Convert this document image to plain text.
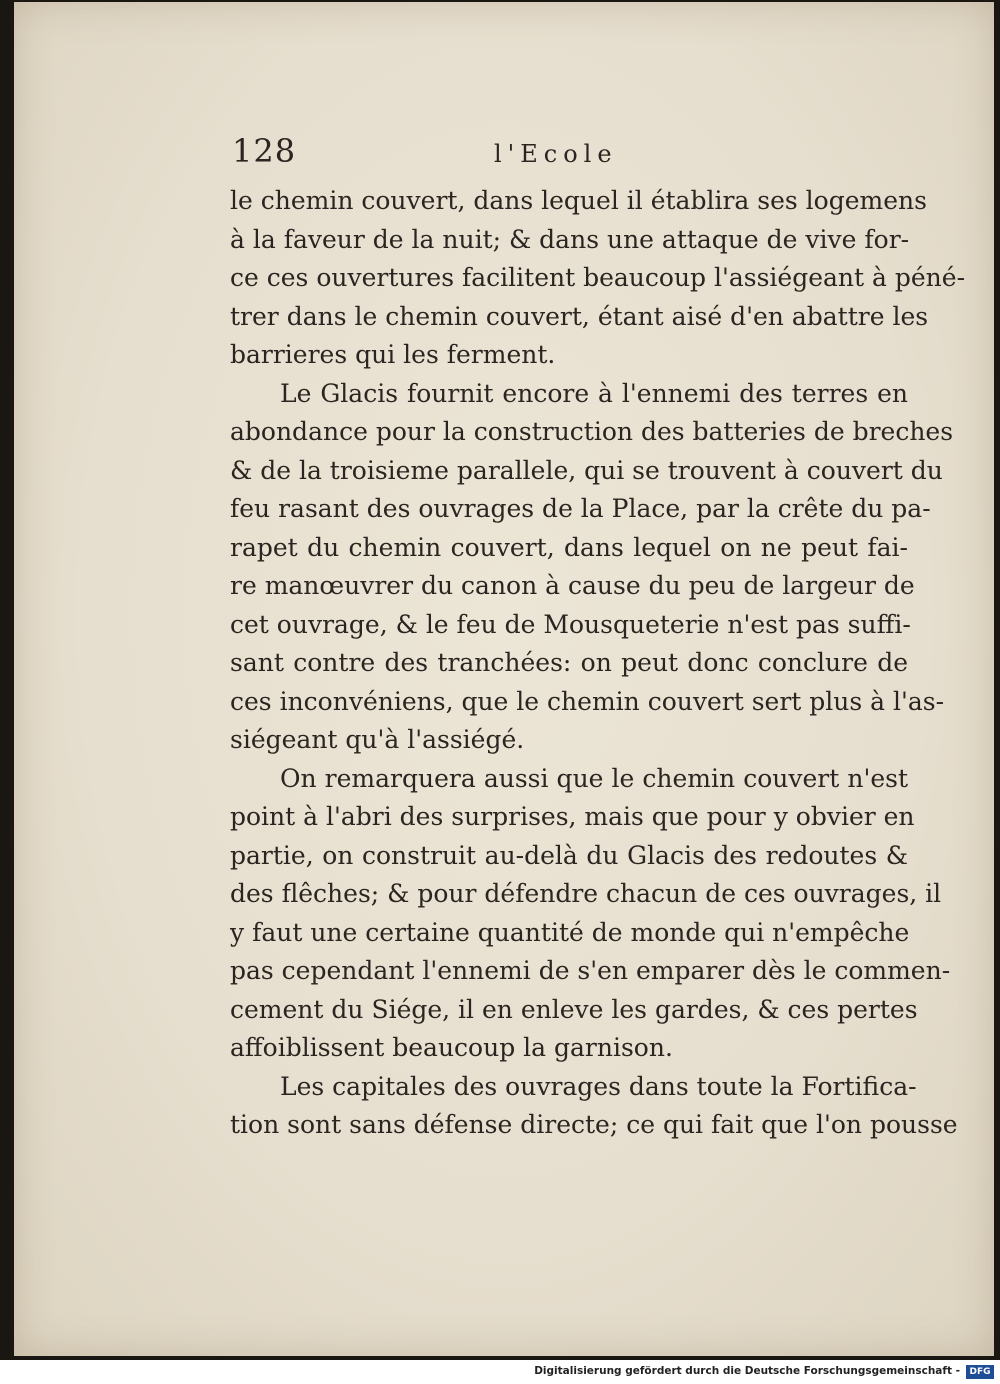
128	l'Ecole
le chemin couvert, dans lequel il établira ses logemens
à la faveur de la nuit; & dans une attaque de vive for-
ce ces ouvertures facilitent beaucoup l'assiégeant à péné-
trer dans le chemin couvert, étant aisé d'en abattre les
barrieres qui les ferment.
Le Glacis fournit encore à l'ennemi des terres en
abondance pour la construction des batteries de breches
& de la troisieme parallele, qui se trouvent à couvert du
feu rasant des ouvrages de la Place, par la crête du pa-
rapet du chemin couvert, dans lequel on ne peut fai-
re manœuvrer du canon à cause du peu de largeur de
cet ouvrage, & le feu de Mousqueterie n'est pas suffi-
sant contre des tranchées: on peut donc conclure de
ces inconvéniens, que le chemin couvert sert plus à l'as-
siégeant qu'à l'assiégé.
On remarquera aussi que le chemin couvert n'est
point à l'abri des surprises, mais que pour y obvier en
partie, on construit au-delà du Glacis des redoutes &
des flêches; & pour défendre chacun de ces ouvrages, il
y faut une certaine quantité de monde qui n'empêche
pas cependant l'ennemi de s'en emparer dès le commen-
cement du Siége, il en enleve les gardes, & ces pertes
affoiblissent beaucoup la garnison.
Les capitales des ouvrages dans toute la Fortifica-
tion sont sans défense directe; ce qui fait que l'on pousse
Digitalisierung gefördert durch die Deutsche Forschungsgemeinschaft -	DFG
